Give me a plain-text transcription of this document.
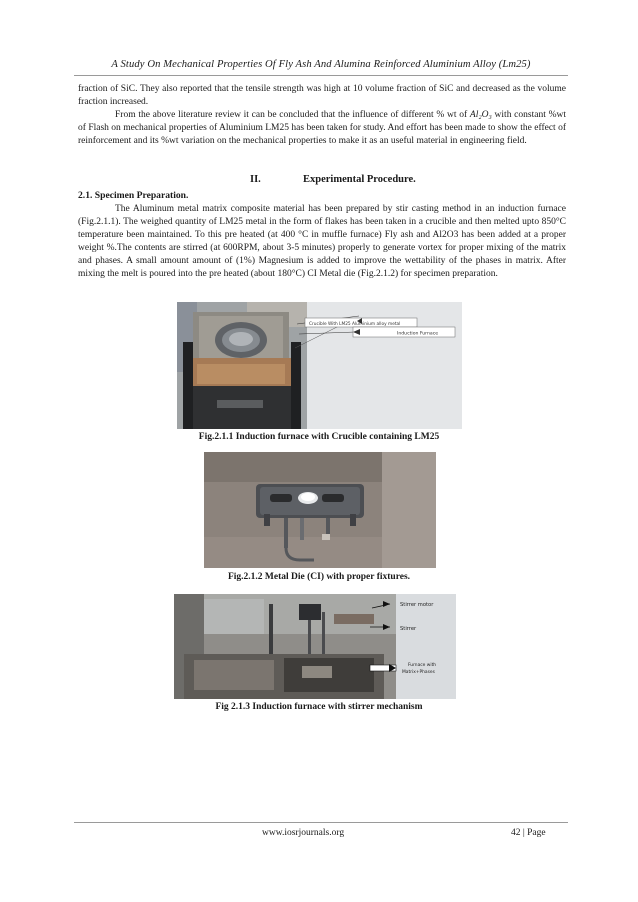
A Study On Mechanical Properties Of Fly Ash And Alumina Reinforced Aluminium Alloy (Lm25)
fraction of SiC. They also reported that the tensile strength was high at 10 volume fraction of SiC and decreased as the volume fraction increased.
From the above literature review it can be concluded that the influence of different % wt of Al₂O₃ with constant %wt of Flash on mechanical properties of Aluminium LM25 has been taken for study. And effort has been made to show the effect of reinforcement and its %wt variation on the mechanical properties to make it as an useful material in engineering field.
II.	Experimental Procedure.
2.1. Specimen Preparation.
The Aluminum metal matrix composite material has been prepared by stir casting method in an induction furnace (Fig.2.1.1). The weighed quantity of LM25 metal in the form of flakes has been taken in a crucible and then melted upto 850°C temperature been maintained. To this pre heated (at 400 °C in muffle furnace) Fly ash and Al2O3 has been added at a proper weight %.The contents are stirred (at 600RPM, about 3-5 minutes) properly to generate vortex for proper mixing of the matrix and phases. A small amount amount of (1%) Magnesium is added to improve the wettability of the phases in matrix. After mixing the melt is poured into the pre heated (about 180°C) CI Metal die (Fig.2.1.2) for specimen preparation.
Crucible With LM25 Aluminium alloy metal
Induction Furnace
Fig.2.1.1 Induction furnace with Crucible containing LM25
Fig.2.1.2 Metal Die (CI) with proper fixtures.
Stirrer motor
Stirrer
Furnace with
Matrix+Phases
Fig 2.1.3 Induction furnace with stirrer mechanism
www.iosrjournals.org	42 | Page
